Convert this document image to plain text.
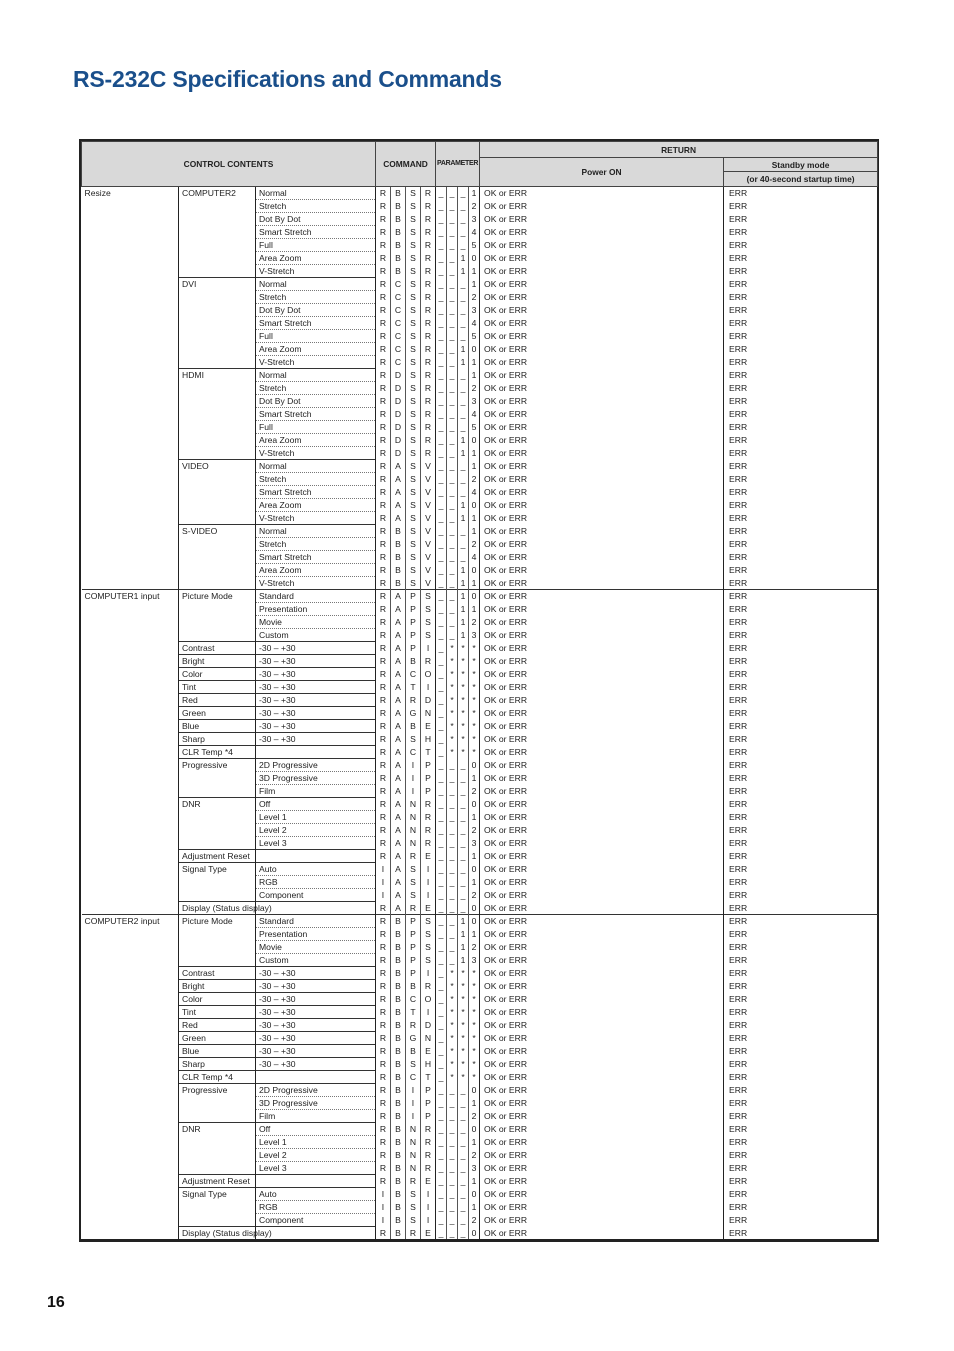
RS-232C Specifications and Commands
CONTROL CONTENTS			COMMAND				PARAMETER				RETURN	
											Power ON	Standby mode
												(or 40-second startup time)
Resize	COMPUTER2	Normal	R	B	S	R	_	_	_	1	OK or ERR	ERR
		Stretch	R	B	S	R	_	_	_	2	OK or ERR	ERR
		Dot By Dot	R	B	S	R	_	_	_	3	OK or ERR	ERR
		Smart Stretch	R	B	S	R	_	_	_	4	OK or ERR	ERR
		Full	R	B	S	R	_	_	_	5	OK or ERR	ERR
		Area Zoom	R	B	S	R	_	_	1	0	OK or ERR	ERR
		V-Stretch	R	B	S	R	_	_	1	1	OK or ERR	ERR
	DVI	Normal	R	C	S	R	_	_	_	1	OK or ERR	ERR
		Stretch	R	C	S	R	_	_	_	2	OK or ERR	ERR
		Dot By Dot	R	C	S	R	_	_	_	3	OK or ERR	ERR
		Smart Stretch	R	C	S	R	_	_	_	4	OK or ERR	ERR
		Full	R	C	S	R	_	_	_	5	OK or ERR	ERR
		Area Zoom	R	C	S	R	_	_	1	0	OK or ERR	ERR
		V-Stretch	R	C	S	R	_	_	1	1	OK or ERR	ERR
	HDMI	Normal	R	D	S	R	_	_	_	1	OK or ERR	ERR
		Stretch	R	D	S	R	_	_	_	2	OK or ERR	ERR
		Dot By Dot	R	D	S	R	_	_	_	3	OK or ERR	ERR
		Smart Stretch	R	D	S	R	_	_	_	4	OK or ERR	ERR
		Full	R	D	S	R	_	_	_	5	OK or ERR	ERR
		Area Zoom	R	D	S	R	_	_	1	0	OK or ERR	ERR
		V-Stretch	R	D	S	R	_	_	1	1	OK or ERR	ERR
	VIDEO	Normal	R	A	S	V	_	_	_	1	OK or ERR	ERR
		Stretch	R	A	S	V	_	_	_	2	OK or ERR	ERR
		Smart Stretch	R	A	S	V	_	_	_	4	OK or ERR	ERR
		Area Zoom	R	A	S	V	_	_	1	0	OK or ERR	ERR
		V-Stretch	R	A	S	V	_	_	1	1	OK or ERR	ERR
	S-VIDEO	Normal	R	B	S	V	_	_	_	1	OK or ERR	ERR
		Stretch	R	B	S	V	_	_	_	2	OK or ERR	ERR
		Smart Stretch	R	B	S	V	_	_	_	4	OK or ERR	ERR
		Area Zoom	R	B	S	V	_	_	1	0	OK or ERR	ERR
		V-Stretch	R	B	S	V	_	_	1	1	OK or ERR	ERR
COMPUTER1 input	Picture Mode	Standard	R	A	P	S	_	_	1	0	OK or ERR	ERR
		Presentation	R	A	P	S	_	_	1	1	OK or ERR	ERR
		Movie	R	A	P	S	_	_	1	2	OK or ERR	ERR
		Custom	R	A	P	S	_	_	1	3	OK or ERR	ERR
	Contrast	-30 – +30	R	A	P	I	_	*	*	*	OK or ERR	ERR
	Bright	-30 – +30	R	A	B	R	_	*	*	*	OK or ERR	ERR
	Color	-30 – +30	R	A	C	O	_	*	*	*	OK or ERR	ERR
	Tint	-30 – +30	R	A	T	I	_	*	*	*	OK or ERR	ERR
	Red	-30 – +30	R	A	R	D	_	*	*	*	OK or ERR	ERR
	Green	-30 – +30	R	A	G	N	_	*	*	*	OK or ERR	ERR
	Blue	-30 – +30	R	A	B	E	_	*	*	*	OK or ERR	ERR
	Sharp	-30 – +30	R	A	S	H	_	*	*	*	OK or ERR	ERR
	CLR Temp *4		R	A	C	T	_	*	*	*	OK or ERR	ERR
	Progressive	2D Progressive	R	A	I	P	_	_	_	0	OK or ERR	ERR
		3D Progressive	R	A	I	P	_	_	_	1	OK or ERR	ERR
		Film	R	A	I	P	_	_	_	2	OK or ERR	ERR
	DNR	Off	R	A	N	R	_	_	_	0	OK or ERR	ERR
		Level 1	R	A	N	R	_	_	_	1	OK or ERR	ERR
		Level 2	R	A	N	R	_	_	_	2	OK or ERR	ERR
		Level 3	R	A	N	R	_	_	_	3	OK or ERR	ERR
	Adjustment Reset		R	A	R	E	_	_	_	1	OK or ERR	ERR
	Signal Type	Auto	I	A	S	I	_	_	_	0	OK or ERR	ERR
		RGB	I	A	S	I	_	_	_	1	OK or ERR	ERR
		Component	I	A	S	I	_	_	_	2	OK or ERR	ERR
	Display (Status display)		R	A	R	E	_	_	_	0	OK or ERR	ERR
COMPUTER2 input	Picture Mode	Standard	R	B	P	S	_	_	1	0	OK or ERR	ERR
		Presentation	R	B	P	S	_	_	1	1	OK or ERR	ERR
		Movie	R	B	P	S	_	_	1	2	OK or ERR	ERR
		Custom	R	B	P	S	_	_	1	3	OK or ERR	ERR
	Contrast	-30 – +30	R	B	P	I	_	*	*	*	OK or ERR	ERR
	Bright	-30 – +30	R	B	B	R	_	*	*	*	OK or ERR	ERR
	Color	-30 – +30	R	B	C	O	_	*	*	*	OK or ERR	ERR
	Tint	-30 – +30	R	B	T	I	_	*	*	*	OK or ERR	ERR
	Red	-30 – +30	R	B	R	D	_	*	*	*	OK or ERR	ERR
	Green	-30 – +30	R	B	G	N	_	*	*	*	OK or ERR	ERR
	Blue	-30 – +30	R	B	B	E	_	*	*	*	OK or ERR	ERR
	Sharp	-30 – +30	R	B	S	H	_	*	*	*	OK or ERR	ERR
	CLR Temp *4		R	B	C	T	_	*	*	*	OK or ERR	ERR
	Progressive	2D Progressive	R	B	I	P	_	_	_	0	OK or ERR	ERR
		3D Progressive	R	B	I	P	_	_	_	1	OK or ERR	ERR
		Film	R	B	I	P	_	_	_	2	OK or ERR	ERR
	DNR	Off	R	B	N	R	_	_	_	0	OK or ERR	ERR
		Level 1	R	B	N	R	_	_	_	1	OK or ERR	ERR
		Level 2	R	B	N	R	_	_	_	2	OK or ERR	ERR
		Level 3	R	B	N	R	_	_	_	3	OK or ERR	ERR
	Adjustment Reset		R	B	R	E	_	_	_	1	OK or ERR	ERR
	Signal Type	Auto	I	B	S	I	_	_	_	0	OK or ERR	ERR
		RGB	I	B	S	I	_	_	_	1	OK or ERR	ERR
		Component	I	B	S	I	_	_	_	2	OK or ERR	ERR
	Display (Status display)		R	B	R	E	_	_	_	0	OK or ERR	ERR
16
